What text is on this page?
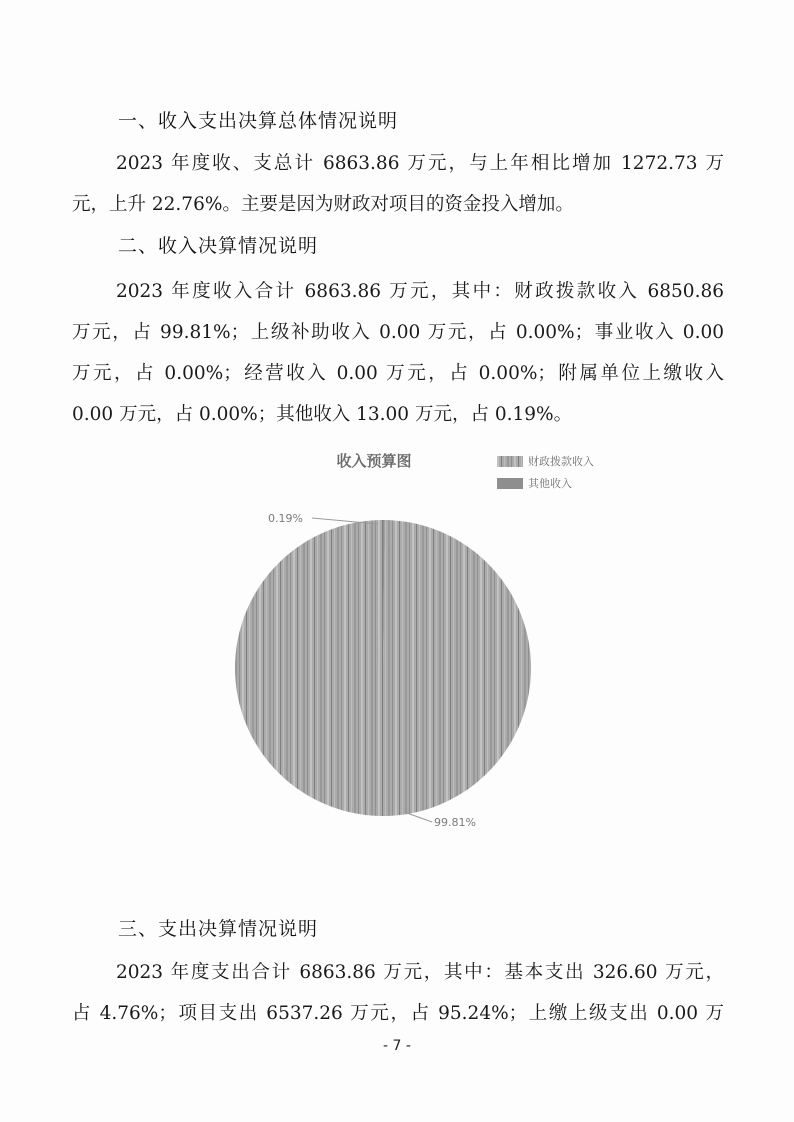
一、收入支出决算总体情况说明
2023 年度收、支总计 6863.86 万元，与上年相比增加 1272.73 万
元，上升 22.76%。主要是因为财政对项目的资金投入增加。
二、收入决算情况说明
2023 年度收入合计 6863.86 万元，其中：财政拨款收入 6850.86
万元，占 99.81%；上级补助收入 0.00 万元，占 0.00%；事业收入 0.00
万元，占 0.00%；经营收入 0.00 万元，占 0.00%；附属单位上缴收入
0.00 万元，占 0.00%；其他收入 13.00 万元，占 0.19%。
收入预算图	财政拨款收入
其他收入
99.81%
0.19%
三、支出决算情况说明
2023 年度支出合计 6863.86 万元，其中：基本支出 326.60 万元，
占 4.76%；项目支出 6537.26 万元，占 95.24%；上缴上级支出 0.00 万
- 7 -
